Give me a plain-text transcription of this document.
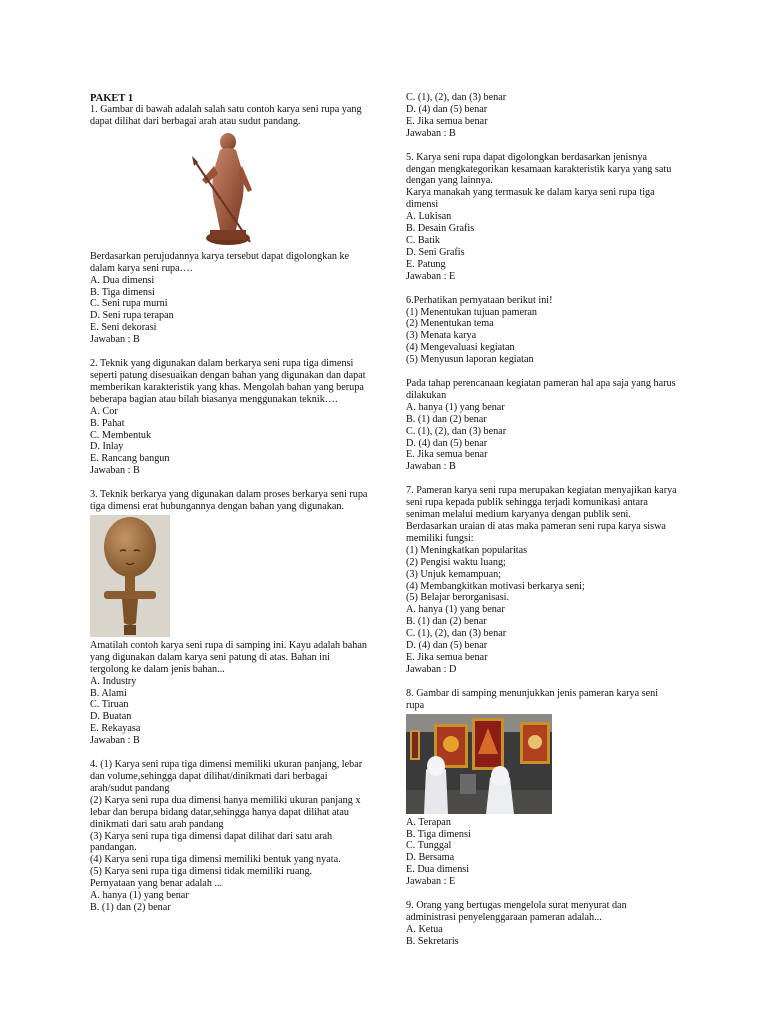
PAKET 1

1. Gambar di bawah adalah salah satu contoh karya seni rupa yang dapat dilihat dari berbagai arah atau sudut pandang.

Berdasarkan perujudannya karya tersebut dapat digolongkan ke dalam karya seni rupa….

A. Dua dimensi
B. Tiga dimensi
C. Seni rupa murni
D. Seni rupa terapan
E. Seni dekorasi
Jawaban : B

2. Teknik yang digunakan dalam berkarya seni rupa tiga dimensi seperti patung disesuaikan dengan bahan yang digunakan dan dapat memberikan karakteristik yang khas. Mengolah bahan yang berupa beberapa bagian atau bilah biasanya menggunakan teknik….

A. Cor
B. Pahat
C. Membentuk
D. Inlay
E. Rancang bangun
Jawaban : B

3. Teknik berkarya yang digunakan dalam proses berkarya seni rupa tiga dimensi erat hubungannya dengan bahan yang digunakan.

Amatilah contoh karya seni rupa di samping ini. Kayu adalah bahan yang digunakan dalam karya seni patung di atas. Bahan ini tergolong ke dalam jenis bahan...

A. Industry
B. Alami
C. Tiruan
D. Buatan
E. Rekayasa
Jawaban : B

4. (1) Karya seni rupa tiga dimensi memiliki ukuran panjang, lebar dan volume,sehingga dapat dilihat/dinikmati dari berbagai arah/sudut pandang

(2) Karya seni rupa dua dimensi hanya memiliki ukuran panjang x lebar dan berupa bidang datar,sehingga hanya dapat dilihat atau dinikmati dari satu arah pandang

(3) Karya seni rupa tiga dimensi dapat dilihat dari satu arah pandangan.

(4) Karya seni rupa tiga dimensi memiliki bentuk yang nyata.
(5) Karya seni rupa tiga dimensi tidak memiliki ruang.
Pernyataan yang benar adalah ...
A. hanya (1) yang benar
B. (1) dan (2) benar
C. (1), (2), dan (3) benar
D. (4) dan (5) benar
E. Jika semua benar
Jawaban : B

5. Karya seni rupa dapat digolongkan berdasarkan jenisnya dengan mengkategorikan kesamaan karakteristik karya yang satu dengan yang lainnya.

Karya manakah yang termasuk ke dalam karya seni rupa tiga dimensi

A. Lukisan
B. Desain Grafis
C. Batik
D. Seni Grafis
E. Patung
Jawaban : E
6.Perhatikan pernyataan berikut ini!
(1) Menentukan tujuan pameran
(2) Menentukan tema
(3) Menata karya
(4) Mengevaluasi kegiatan
(5) Menyusun laporan kegiatan

Pada tahap perencanaan kegiatan pameran hal apa saja yang harus dilakukan

A. hanya (1) yang benar
B. (1) dan (2) benar
C. (1), (2), dan (3) benar
D. (4) dan (5) benar
E. Jika semua benar
Jawaban : B

7. Pameran karya seni rupa merupakan kegiatan menyajikan karya seni rupa kepada publik sehingga terjadi komunikasi antara seniman melalui medium karyanya dengan publik seni.

Berdasarkan uraian di atas maka pameran seni rupa karya siswa memiliki fungsi:

(1) Meningkatkan popularitas
(2) Pengisi waktu luang;
(3) Unjuk kemampuan;
(4) Membangkitkan motivasi berkarya seni;
(5) Belajar berorganisasi.
A. hanya (1) yang benar
B. (1) dan (2) benar
C. (1), (2), dan (3) benar
D. (4) dan (5) benar
E. Jika semua benar
Jawaban : D

8. Gambar di samping menunjukkan jenis pameran karya seni rupa

A. Terapan
B. Tiga dimensi
C. Tunggal
D. Bersama
E. Dua dimensi
Jawaban : E

9. Orang yang bertugas mengelola surat menyurat dan administrasi penyelenggaraan pameran adalah...

A. Ketua
B. Sekretaris
